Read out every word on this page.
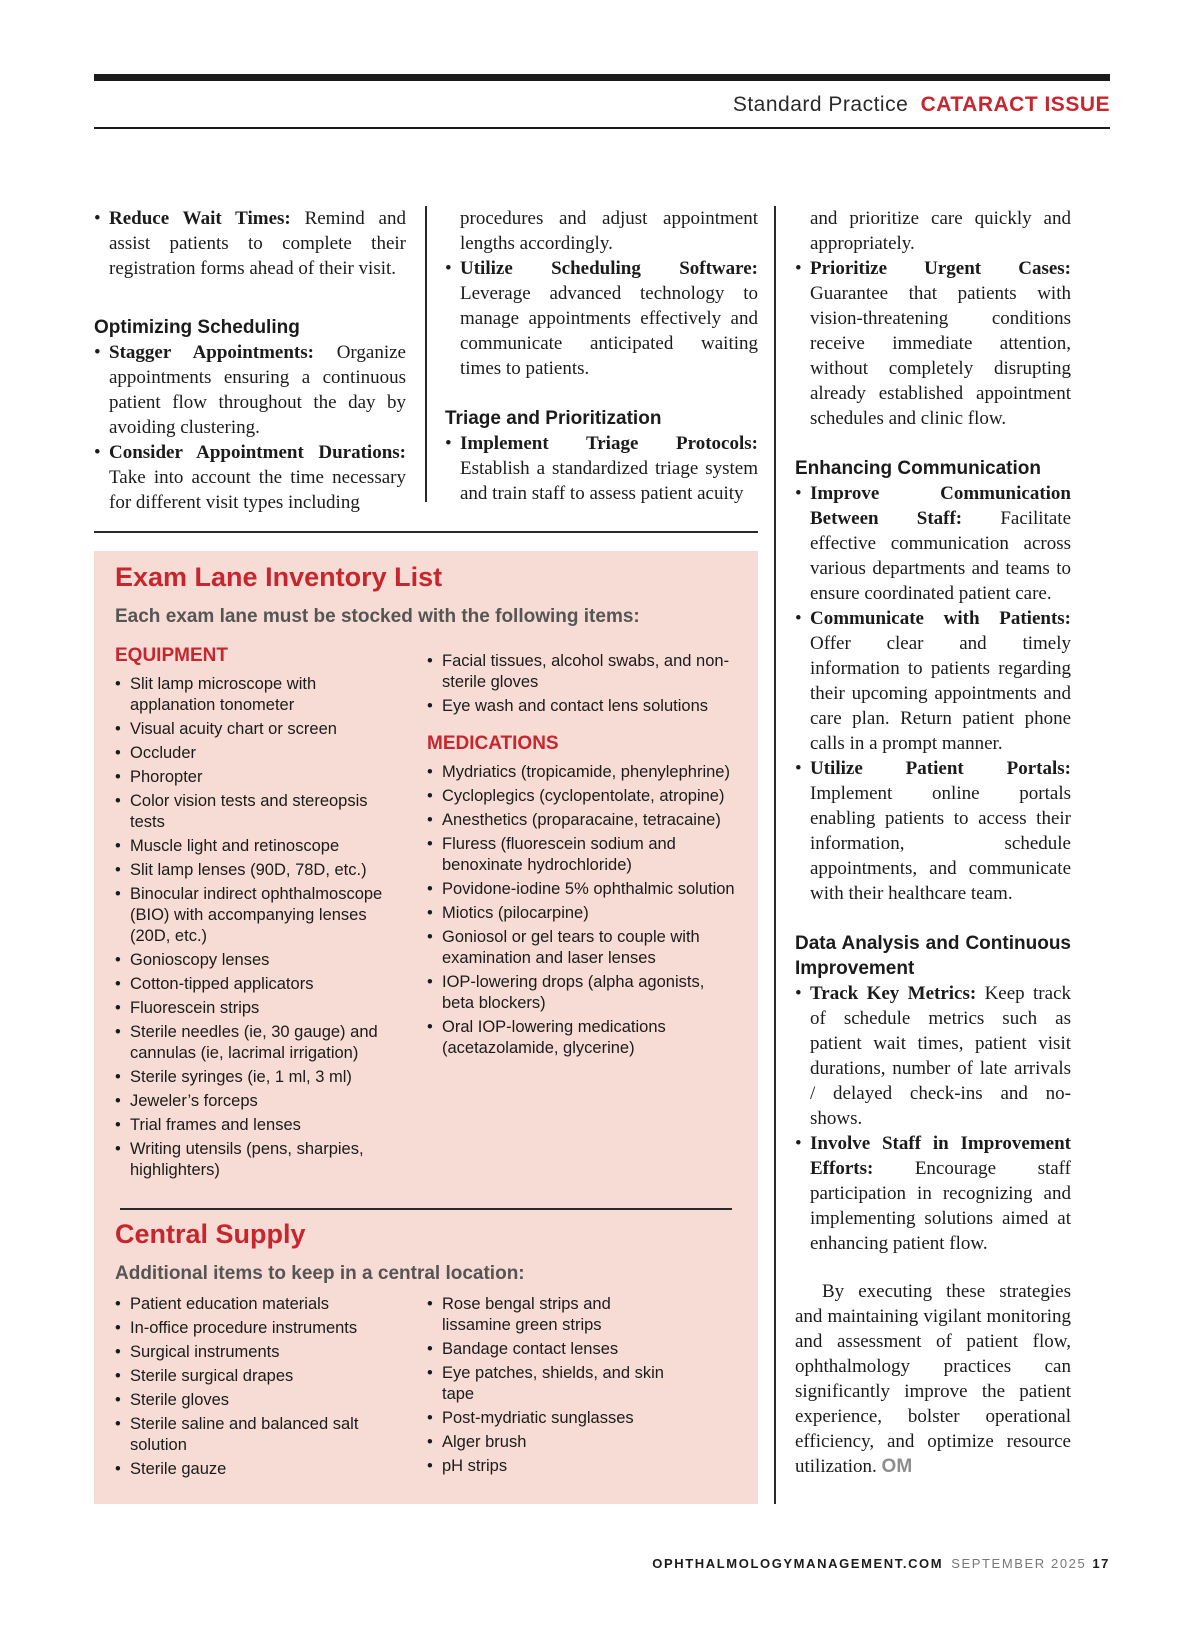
Standard Practice CATARACT ISSUE
• Reduce Wait Times: Remind and assist patients to complete their registration forms ahead of their visit.
Optimizing Scheduling
• Stagger Appointments: Organize appointments ensuring a continuous patient flow throughout the day by avoiding clustering.
• Consider Appointment Durations: Take into account the time necessary for different visit types including
procedures and adjust appointment lengths accordingly.
• Utilize Scheduling Software: Leverage advanced technology to manage appointments effectively and communicate anticipated waiting times to patients.
Triage and Prioritization
• Implement Triage Protocols: Establish a standardized triage system and train staff to assess patient acuity
and prioritize care quickly and appropriately.
• Prioritize Urgent Cases: Guarantee that patients with vision-threatening conditions receive immediate attention, without completely disrupting already established appointment schedules and clinic flow.
Enhancing Communication
• Improve Communication Between Staff: Facilitate effective communication across various departments and teams to ensure coordinated patient care.
• Communicate with Patients: Offer clear and timely information to patients regarding their upcoming appointments and care plan. Return patient phone calls in a prompt manner.
• Utilize Patient Portals: Implement online portals enabling patients to access their information, schedule appointments, and communicate with their healthcare team.
Data Analysis and Continuous Improvement
• Track Key Metrics: Keep track of schedule metrics such as patient wait times, patient visit durations, number of late arrivals / delayed check-ins and no-shows.
• Involve Staff in Improvement Efforts: Encourage staff participation in recognizing and implementing solutions aimed at enhancing patient flow.

By executing these strategies and maintaining vigilant monitoring and assessment of patient flow, ophthalmology practices can significantly improve the patient experience, bolster operational efficiency, and optimize resource utilization. OM

Exam Lane Inventory List
Each exam lane must be stocked with the following items:
EQUIPMENT
• Slit lamp microscope with applanation tonometer
• Visual acuity chart or screen
• Occluder
• Phoropter
• Color vision tests and stereopsis tests
• Muscle light and retinoscope
• Slit lamp lenses (90D, 78D, etc.)
• Binocular indirect ophthalmoscope (BIO) with accompanying lenses (20D, etc.)
• Gonioscopy lenses
• Cotton-tipped applicators
• Fluorescein strips
• Sterile needles (ie, 30 gauge) and cannulas (ie, lacrimal irrigation)
• Sterile syringes (ie, 1 ml, 3 ml)
• Jeweler’s forceps
• Trial frames and lenses
• Writing utensils (pens, sharpies, highlighters)
• Facial tissues, alcohol swabs, and non-sterile gloves
• Eye wash and contact lens solutions
MEDICATIONS
• Mydriatics (tropicamide, phenylephrine)
• Cycloplegics (cyclopentolate, atropine)
• Anesthetics (proparacaine, tetracaine)
• Fluress (fluorescein sodium and benoxinate hydrochloride)
• Povidone-iodine 5% ophthalmic solution
• Miotics (pilocarpine)
• Goniosol or gel tears to couple with examination and laser lenses
• IOP-lowering drops (alpha agonists, beta blockers)
• Oral IOP-lowering medications (acetazolamide, glycerine)
Central Supply
Additional items to keep in a central location:
• Patient education materials
• In-office procedure instruments
• Surgical instruments
• Sterile surgical drapes
• Sterile gloves
• Sterile saline and balanced salt solution
• Sterile gauze
• Rose bengal strips and lissamine green strips
• Bandage contact lenses
• Eye patches, shields, and skin tape
• Post-mydriatic sunglasses
• Alger brush
• pH strips
OPHTHALMOLOGYMANAGEMENT.COM SEPTEMBER 2025 17
